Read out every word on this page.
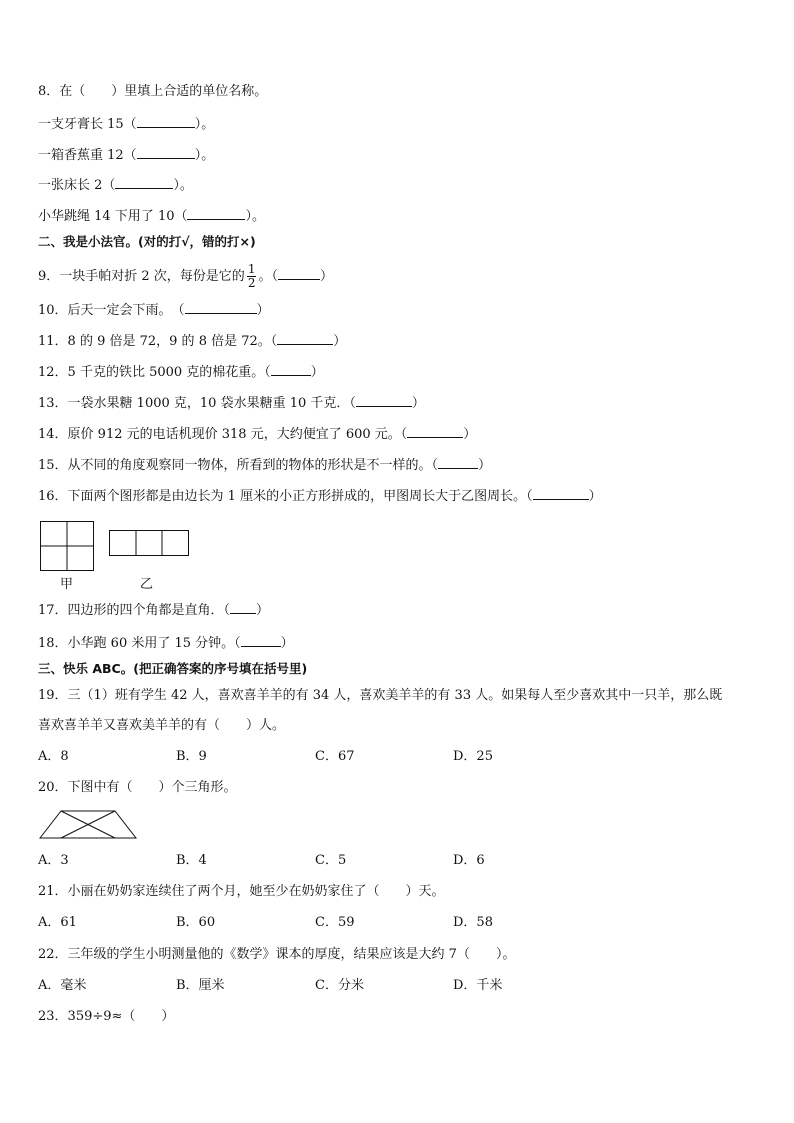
8．在（　　）里填上合适的单位名称。
一支牙膏长 15（	）。
一箱香蕉重 12（	）。
一张床长 2（	）。
小华跳绳 14 下用了 10（	）。
二、我是小法官。(对的打√，错的打×)
9．一块手帕对折 2 次，每份是它的 $\frac{1}{2}$ 。（	）
10．后天一定会下雨。　（	）
11．8 的 9 倍是 72，9 的 8 倍是 72。（	）
12．5 千克的铁比 5000 克的棉花重。（	）
13．一袋水果糖 1000 克，10 袋水果糖重 10 千克．（	）
14．原价 912 元的电话机现价 318 元，大约便宜了 600 元。（	）
15．从不同的角度观察同一物体，所看到的物体的形状是不一样的。（	）
16．下面两个图形都是由边长为 1 厘米的小正方形拼成的，甲图周长大于乙图周长。（	）
甲	乙
17．四边形的四个角都是直角．（ ）
18．小华跑 60 米用了 15 分钟。（	）
三、快乐 ABC。(把正确答案的序号填在括号里)
19．三（1）班有学生 42 人，喜欢喜羊羊的有 34 人，喜欢美羊羊的有 33 人。如果每人至少喜欢其中一只羊，那么既
喜欢喜羊羊又喜欢美羊羊的有（　　）人。
A．8	B．9	C．67	D．25
20．下图中有（　　）个三角形。
A．3	B．4	C．5	D．6
21．小丽在奶奶家连续住了两个月，她至少在奶奶家住了（　　）天。
A．61	B．60	C．59	D．58
22．三年级的学生小明测量他的《数学》课本的厚度，结果应该是大约 7（　　）。
A．毫米	B．厘米	C．分米	D．千米
23．359÷9≈（　　）
